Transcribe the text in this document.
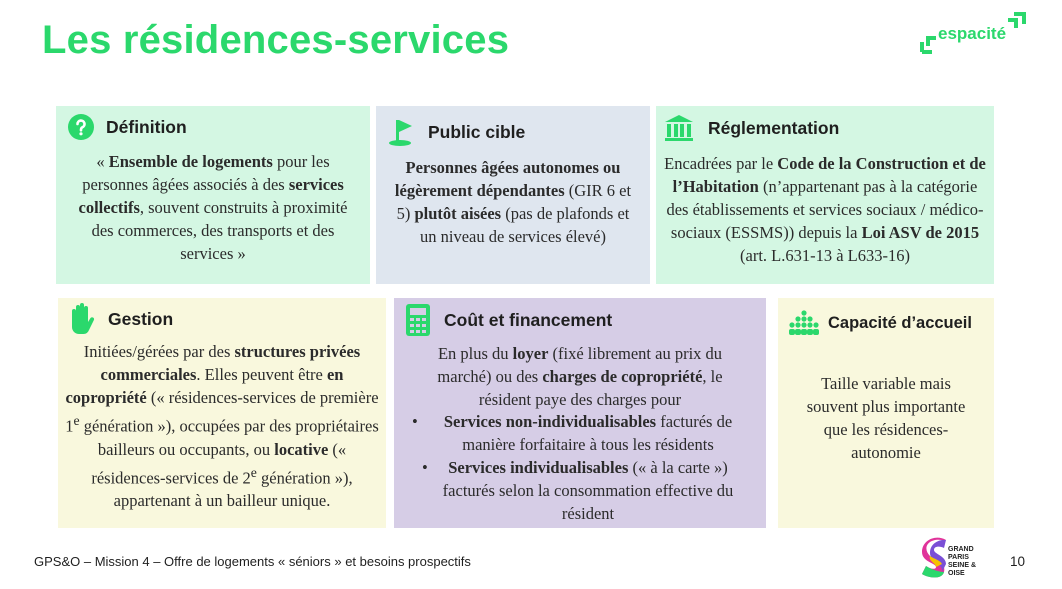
Les résidences-services	espacité
Définition
« Ensemble de logements pour les personnes âgées associés à des services collectifs, souvent construits à proximité des commerces, des transports et des services »
Public cible
Personnes âgées autonomes ou légèrement dépendantes (GIR 6 et 5) plutôt aisées (pas de plafonds et un niveau de services élevé)
Réglementation
Encadrées par le Code de la Construction et de l’Habitation (n’appartenant pas à la catégorie des établissements et services sociaux / médico-sociaux (ESSMS)) depuis la Loi ASV de 2015 (art. L.631-13 à L633-16)
Gestion
Initiées/gérées par des structures privées commerciales. Elles peuvent être en copropriété (« résidences-services de première 1e génération »), occupées par des propriétaires bailleurs ou occupants, ou locative (« résidences-services de 2e génération »), appartenant à un bailleur unique.
Coût et financement
En plus du loyer (fixé librement au prix du marché) ou des charges de copropriété, le résident paye des charges pour
• Services non-individualisables facturés de manière forfaitaire à tous les résidents
• Services individualisables (« à la carte ») facturés selon la consommation effective du résident
Capacité d’accueil
Taille variable mais souvent plus importante que les résidences-autonomie
GPS&O – Mission 4 – Offre de logements « séniors » et besoins prospectifs
GRAND PARIS SEINE & OISE
10
